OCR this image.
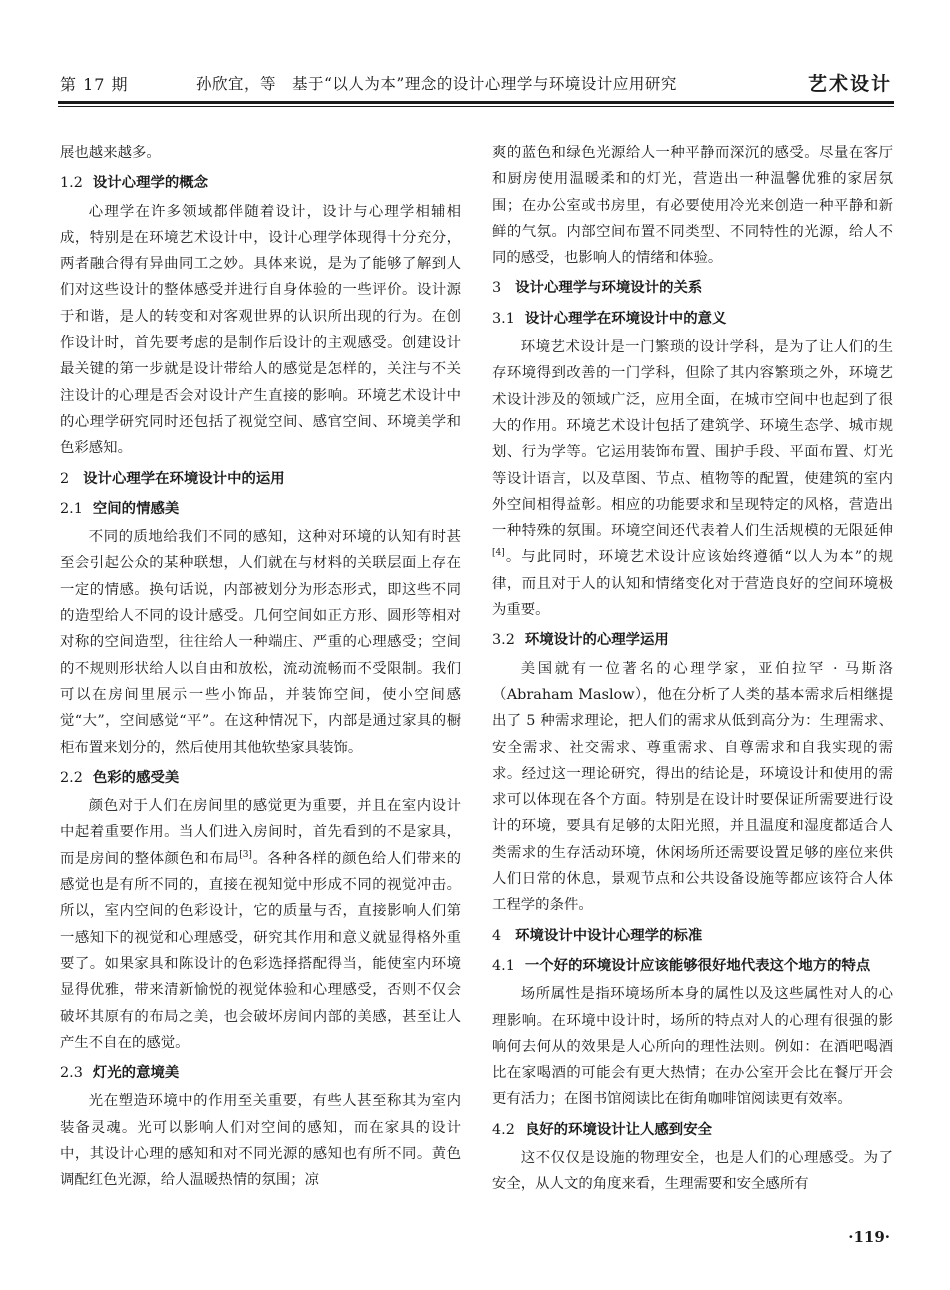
第 17 期	孙欣宜，等　基于“以人为本”理念的设计心理学与环境设计应用研究	艺术设计

展也越来越多。

1.2 设计心理学的概念

心理学在许多领域都伴随着设计，设计与心理学相辅相成，特别是在环境艺术设计中，设计心理学体现得十分充分，两者融合得有异曲同工之妙。具体来说，是为了能够了解到人们对这些设计的整体感受并进行自身体验的一些评价。设计源于和谐，是人的转变和对客观世界的认识所出现的行为。在创作设计时，首先要考虑的是制作后设计的主观感受。创建设计最关键的第一步就是设计带给人的感觉是怎样的，关注与不关注设计的心理是否会对设计产生直接的影响。环境艺术设计中的心理学研究同时还包括了视觉空间、感官空间、环境美学和色彩感知。

2 设计心理学在环境设计中的运用
2.1 空间的情感美

不同的质地给我们不同的感知，这种对环境的认知有时甚至会引起公众的某种联想，人们就在与材料的关联层面上存在一定的情感。换句话说，内部被划分为形态形式，即这些不同的造型给人不同的设计感受。几何空间如正方形、圆形等相对对称的空间造型，往往给人一种端庄、严重的心理感受；空间的不规则形状给人以自由和放松，流动流畅而不受限制。我们可以在房间里展示一些小饰品，并装饰空间，使小空间感觉“大”，空间感觉“平”。在这种情况下，内部是通过家具的橱柜布置来划分的，然后使用其他软垫家具装饰。

2.2 色彩的感受美

颜色对于人们在房间里的感觉更为重要，并且在室内设计中起着重要作用。当人们进入房间时，首先看到的不是家具，而是房间的整体颜色和布局[3]。各种各样的颜色给人们带来的感觉也是有所不同的，直接在视知觉中形成不同的视觉冲击。所以，室内空间的色彩设计，它的质量与否，直接影响人们第一感知下的视觉和心理感受，研究其作用和意义就显得格外重要了。如果家具和陈设计的色彩选择搭配得当，能使室内环境显得优雅，带来清新愉悦的视觉体验和心理感受，否则不仅会破坏其原有的布局之美，也会破坏房间内部的美感，甚至让人产生不自在的感觉。

2.3 灯光的意境美

光在塑造环境中的作用至关重要，有些人甚至称其为室内装备灵魂。光可以影响人们对空间的感知，而在家具的设计中，其设计心理的感知和对不同光源的感知也有所不同。黄色调配红色光源，给人温暖热情的氛围；凉

爽的蓝色和绿色光源给人一种平静而深沉的感受。尽量在客厅和厨房使用温暖柔和的灯光，营造出一种温馨优雅的家居氛围；在办公室或书房里，有必要使用冷光来创造一种平静和新鲜的气氛。内部空间布置不同类型、不同特性的光源，给人不同的感受，也影响人的情绪和体验。

3 设计心理学与环境设计的关系
3.1 设计心理学在环境设计中的意义

环境艺术设计是一门繁琐的设计学科，是为了让人们的生存环境得到改善的一门学科，但除了其内容繁琐之外，环境艺术设计涉及的领域广泛，应用全面，在城市空间中也起到了很大的作用。环境艺术设计包括了建筑学、环境生态学、城市规划、行为学等。它运用装饰布置、围护手段、平面布置、灯光等设计语言，以及草图、节点、植物等的配置，使建筑的室内外空间相得益彰。相应的功能要求和呈现特定的风格，营造出一种特殊的氛围。环境空间还代表着人们生活规模的无限延伸[4]。与此同时，环境艺术设计应该始终遵循“以人为本”的规律，而且对于人的认知和情绪变化对于营造良好的空间环境极为重要。

3.2 环境设计的心理学运用

美国就有一位著名的心理学家，亚伯拉罕 · 马斯洛（Abraham Maslow），他在分析了人类的基本需求后相继提出了 5 种需求理论，把人们的需求从低到高分为：生理需求、安全需求、社交需求、尊重需求、自尊需求和自我实现的需求。经过这一理论研究，得出的结论是，环境设计和使用的需求可以体现在各个方面。特别是在设计时要保证所需要进行设计的环境，要具有足够的太阳光照，并且温度和湿度都适合人类需求的生存活动环境，休闲场所还需要设置足够的座位来供人们日常的休息，景观节点和公共设备设施等都应该符合人体工程学的条件。

4 环境设计中设计心理学的标准
4.1 一个好的环境设计应该能够很好地代表这个地方的特点

场所属性是指环境场所本身的属性以及这些属性对人的心理影响。在环境中设计时，场所的特点对人的心理有很强的影响何去何从的效果是人心所向的理性法则。例如：在酒吧喝酒比在家喝酒的可能会有更大热情；在办公室开会比在餐厅开会更有活力；在图书馆阅读比在街角咖啡馆阅读更有效率。

4.2 良好的环境设计让人感到安全

这不仅仅是设施的物理安全，也是人们的心理感受。为了安全，从人文的角度来看，生理需要和安全感所有

·119·
